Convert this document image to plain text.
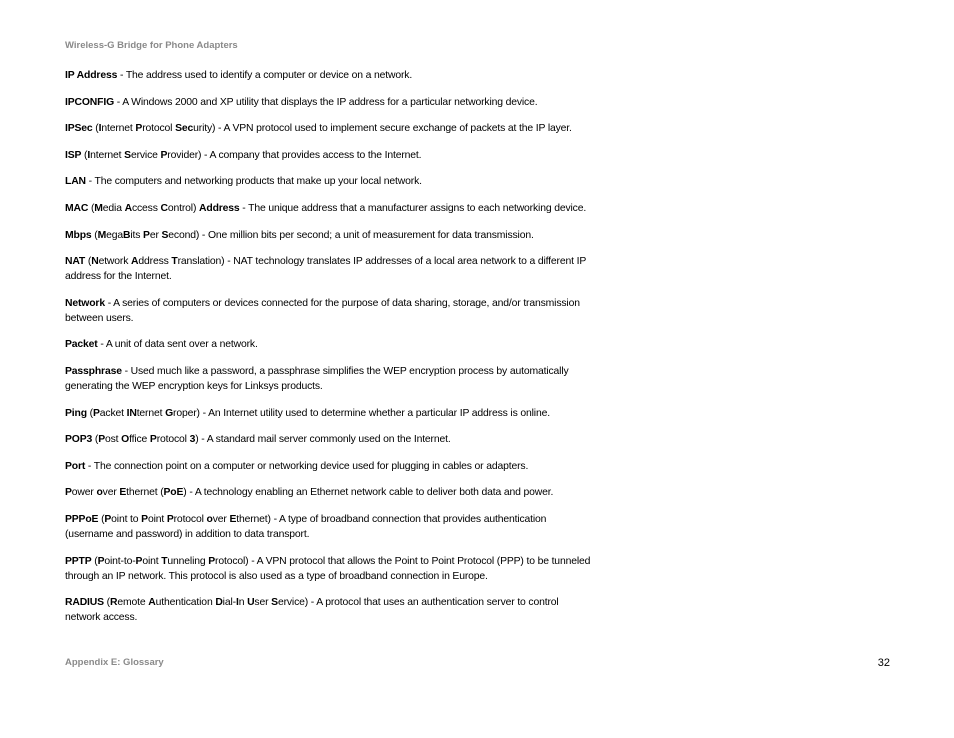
Wireless-G Bridge for Phone Adapters

IP Address - The address used to identify a computer or device on a network.

IPCONFIG - A Windows 2000 and XP utility that displays the IP address for a particular networking device.

IPSec (Internet Protocol Security) - A VPN protocol used to implement secure exchange of packets at the IP layer.

ISP (Internet Service Provider) - A company that provides access to the Internet.

LAN - The computers and networking products that make up your local network.

MAC (Media Access Control) Address - The unique address that a manufacturer assigns to each networking device.

Mbps (MegaBits Per Second) - One million bits per second; a unit of measurement for data transmission.

NAT (Network Address Translation) - NAT technology translates IP addresses of a local area network to a different IP address for the Internet.

Network - A series of computers or devices connected for the purpose of data sharing, storage, and/or transmission between users.

Packet - A unit of data sent over a network.

Passphrase - Used much like a password, a passphrase simplifies the WEP encryption process by automatically generating the WEP encryption keys for Linksys products.

Ping (Packet INternet Groper) - An Internet utility used to determine whether a particular IP address is online.

POP3 (Post Office Protocol 3) - A standard mail server commonly used on the Internet.

Port - The connection point on a computer or networking device used for plugging in cables or adapters.

Power over Ethernet (PoE) - A technology enabling an Ethernet network cable to deliver both data and power.

PPPoE (Point to Point Protocol over Ethernet) - A type of broadband connection that provides authentication (username and password) in addition to data transport.

PPTP (Point-to-Point Tunneling Protocol) - A VPN protocol that allows the Point to Point Protocol (PPP) to be tunneled through an IP network. This protocol is also used as a type of broadband connection in Europe.

RADIUS (Remote Authentication Dial-In User Service) - A protocol that uses an authentication server to control network access.

Appendix E: Glossary	32
